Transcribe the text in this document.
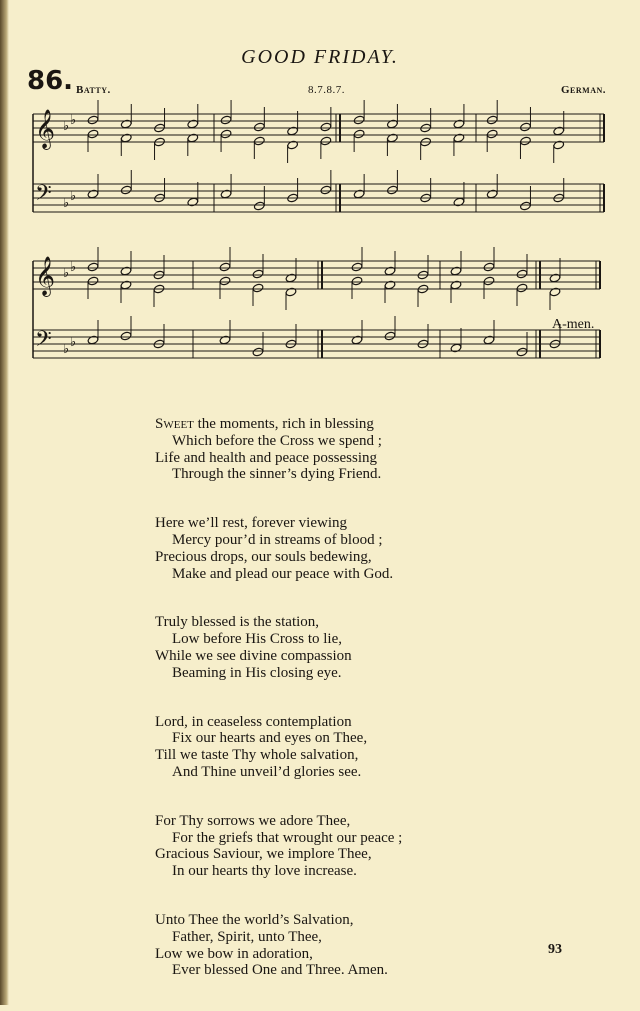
GOOD FRIDAY.
86. Batty.	8.7.8.7.	German.
𝄞
𝄢
♭ ♭
♭ ♭
𝄞
𝄢
♭ ♭
♭ ♭
A-men.
Sweet the moments, rich in blessing
Which before the Cross we spend ;
Life and health and peace possessing
Through the sinner’s dying Friend.
Here we’ll rest, forever viewing
Mercy pour’d in streams of blood ;
Precious drops, our souls bedewing,
Make and plead our peace with God.
Truly blessed is the station,
Low before His Cross to lie,
While we see divine compassion
Beaming in His closing eye.
Lord, in ceaseless contemplation
Fix our hearts and eyes on Thee,
Till we taste Thy whole salvation,
And Thine unveil’d glories see.
For Thy sorrows we adore Thee,
For the griefs that wrought our peace ;
Gracious Saviour, we implore Thee,
In our hearts thy love increase.
Unto Thee the world’s Salvation,
Father, Spirit, unto Thee,
Low we bow in adoration,
Ever blessed One and Three. Amen.
93
